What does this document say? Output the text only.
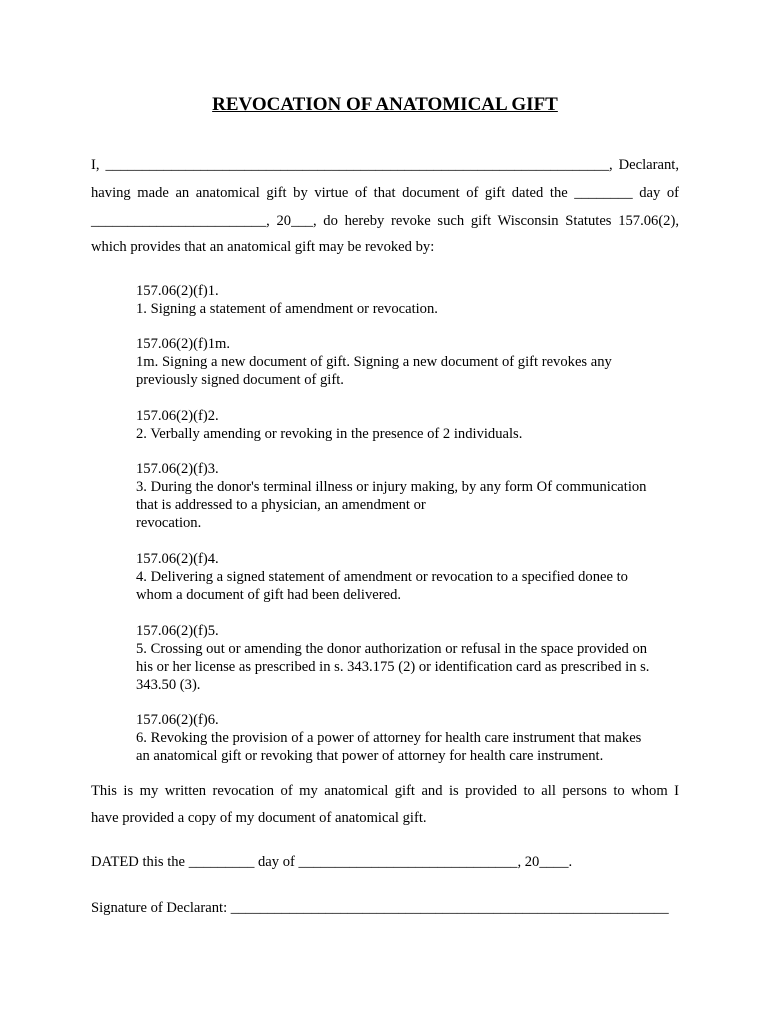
REVOCATION OF ANATOMICAL GIFT
I, _____________________________________________________________________, Declarant,
having made an anatomical gift by virtue of that document of gift dated the ________ day of
________________________, 20___, do hereby revoke such gift Wisconsin Statutes 157.06(2),
which provides that an anatomical gift may be revoked by:
157.06(2)(f)1.
1. Signing a statement of amendment or revocation.
157.06(2)(f)1m.
1m. Signing a new document of gift. Signing a new document of gift revokes any
previously signed document of gift.
157.06(2)(f)2.
2. Verbally amending or revoking in the presence of 2 individuals.
157.06(2)(f)3.
3. During the donor's terminal illness or injury making, by any form Of communication
that is addressed to a physician, an amendment or
revocation.
157.06(2)(f)4.
4. Delivering a signed statement of amendment or revocation to a specified donee to
whom a document of gift had been delivered.
157.06(2)(f)5.
5. Crossing out or amending the donor authorization or refusal in the space provided on
his or her license as prescribed in s. 343.175 (2) or identification card as prescribed in s.
343.50 (3).
157.06(2)(f)6.
6. Revoking the provision of a power of attorney for health care instrument that makes
an anatomical gift or revoking that power of attorney for health care instrument.
This is my written revocation of my anatomical gift and is provided to all persons to whom I
have provided a copy of my document of anatomical gift.
DATED this the _________ day of ______________________________, 20____.
Signature of Declarant: ____________________________________________________________
